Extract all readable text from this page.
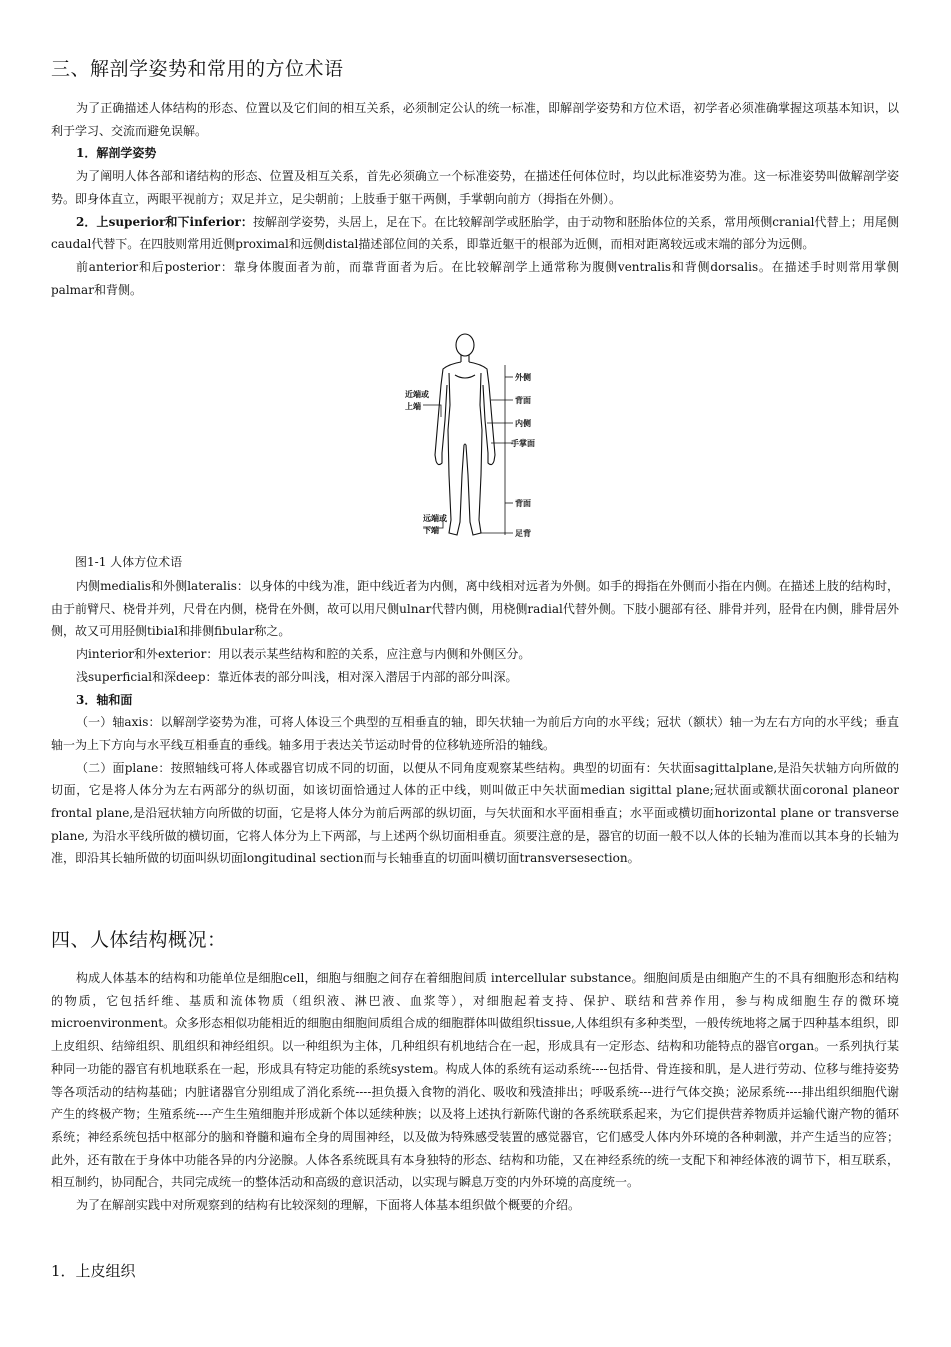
三、解剖学姿势和常用的方位术语

为了正确描述人体结构的形态、位置以及它们间的相互关系，必须制定公认的统一标准，即解剖学姿势和方位术语，初学者必须准确掌握这项基本知识，以利于学习、交流而避免误解。

1．解剖学姿势

为了阐明人体各部和诸结构的形态、位置及相互关系，首先必须确立一个标准姿势，在描述任何体位时，均以此标准姿势为准。这一标准姿势叫做解剖学姿势。即身体直立，两眼平视前方；双足并立，足尖朝前；上肢垂于躯干两侧，手掌朝向前方（拇指在外侧）。

2．上superior和下inferior：按解剖学姿势，头居上，足在下。在比较解剖学或胚胎学，由于动物和胚胎体位的关系，常用颅侧cranial代替上；用尾侧caudal代替下。在四肢则常用近侧proximal和远侧distal描述部位间的关系，即靠近躯干的根部为近侧，而相对距离较远或末端的部分为远侧。

前anterior和后posterior：靠身体腹面者为前，而靠背面者为后。在比较解剖学上通常称为腹侧ventralis和背侧dorsalis。在描述手时则常用掌侧palmar和背侧。

近端或
上端
外侧
背面
内侧
手掌面
背面
远端或
下端	足背
图1-1 人体方位术语

内侧medialis和外侧lateralis：以身体的中线为准，距中线近者为内侧，离中线相对远者为外侧。如手的拇指在外侧而小指在内侧。在描述上肢的结构时，由于前臂尺、桡骨并列，尺骨在内侧，桡骨在外侧，故可以用尺侧ulnar代替内侧，用桡侧radial代替外侧。下肢小腿部有径、腓骨并列，胫骨在内侧，腓骨居外侧，故又可用胫侧tibial和排侧fibular称之。

内interior和外exterior：用以表示某些结构和腔的关系，应注意与内侧和外侧区分。

浅superficial和深deep：靠近体表的部分叫浅，相对深入潜居于内部的部分叫深。

3．轴和面

（一）轴axis：以解剖学姿势为准，可将人体设三个典型的互相垂直的轴，即矢状轴一为前后方向的水平线；冠状（额状）轴一为左右方向的水平线；垂直轴一为上下方向与水平线互相垂直的垂线。轴多用于表达关节运动时骨的位移轨迹所沿的轴线。

（二）面plane：按照轴线可将人体或器官切成不同的切面，以便从不同角度观察某些结构。典型的切面有：矢状面sagittalplane,是沿矢状轴方向所做的切面，它是将人体分为左右两部分的纵切面，如该切面恰通过人体的正中线，则叫做正中矢状面median sigittal plane;冠状面或额状面coronal planeor frontal plane,是沿冠状轴方向所做的切面，它是将人体分为前后两部的纵切面，与矢状面和水平面相垂直；水平面或横切面horizontal plane or transverse plane, 为沿水平线所做的横切面，它将人体分为上下两部，与上述两个纵切面相垂直。须要注意的是，器官的切面一般不以人体的长轴为准而以其本身的长轴为准，即沿其长轴所做的切面叫纵切面longitudinal section而与长轴垂直的切面叫横切面transversesection。

四、人体结构概况：

构成人体基本的结构和功能单位是细胞cell，细胞与细胞之间存在着细胞间质 intercellular substance。细胞间质是由细胞产生的不具有细胞形态和结构的物质，它包括纤维、基质和流体物质（组织液、淋巴液、血浆等），对细胞起着支持、保护、联结和营养作用，参与构成细胞生存的微环境 microenvironment。众多形态相似功能相近的细胞由细胞间质组合成的细胞群体叫做组织tissue,人体组织有多种类型，一般传统地将之属于四种基本组织，即上皮组织、结缔组织、肌组织和神经组织。以一种组织为主体，几种组织有机地结合在一起，形成具有一定形态、结构和功能特点的器官organ。一系列执行某种同一功能的器官有机地联系在一起，形成具有特定功能的系统system。构成人体的系统有运动系统----包括骨、骨连接和肌，是人进行劳动、位移与维持姿势等各项活动的结构基础；内脏诸器官分别组成了消化系统----担负摄入食物的消化、吸收和残渣排出；呼吸系统---进行气体交换；泌尿系统----排出组织细胞代谢产生的终极产物；生殖系统----产生生殖细胞并形成新个体以延续种族；以及将上述执行新陈代谢的各系统联系起来，为它们提供营养物质并运输代谢产物的循环系统；神经系统包括中枢部分的脑和脊髓和遍布全身的周围神经，以及做为特殊感受装置的感觉器官，它们感受人体内外环境的各种刺激，并产生适当的应答；此外，还有散在于身体中功能各异的内分泌腺。人体各系统既具有本身独特的形态、结构和功能，又在神经系统的统一支配下和神经体液的调节下，相互联系，相互制约，协同配合，共同完成统一的整体活动和高级的意识活动，以实现与瞬息万变的内外环境的高度统一。

为了在解剖实践中对所观察到的结构有比较深刻的理解，下面将人体基本组织做个概要的介绍。

1．上皮组织
